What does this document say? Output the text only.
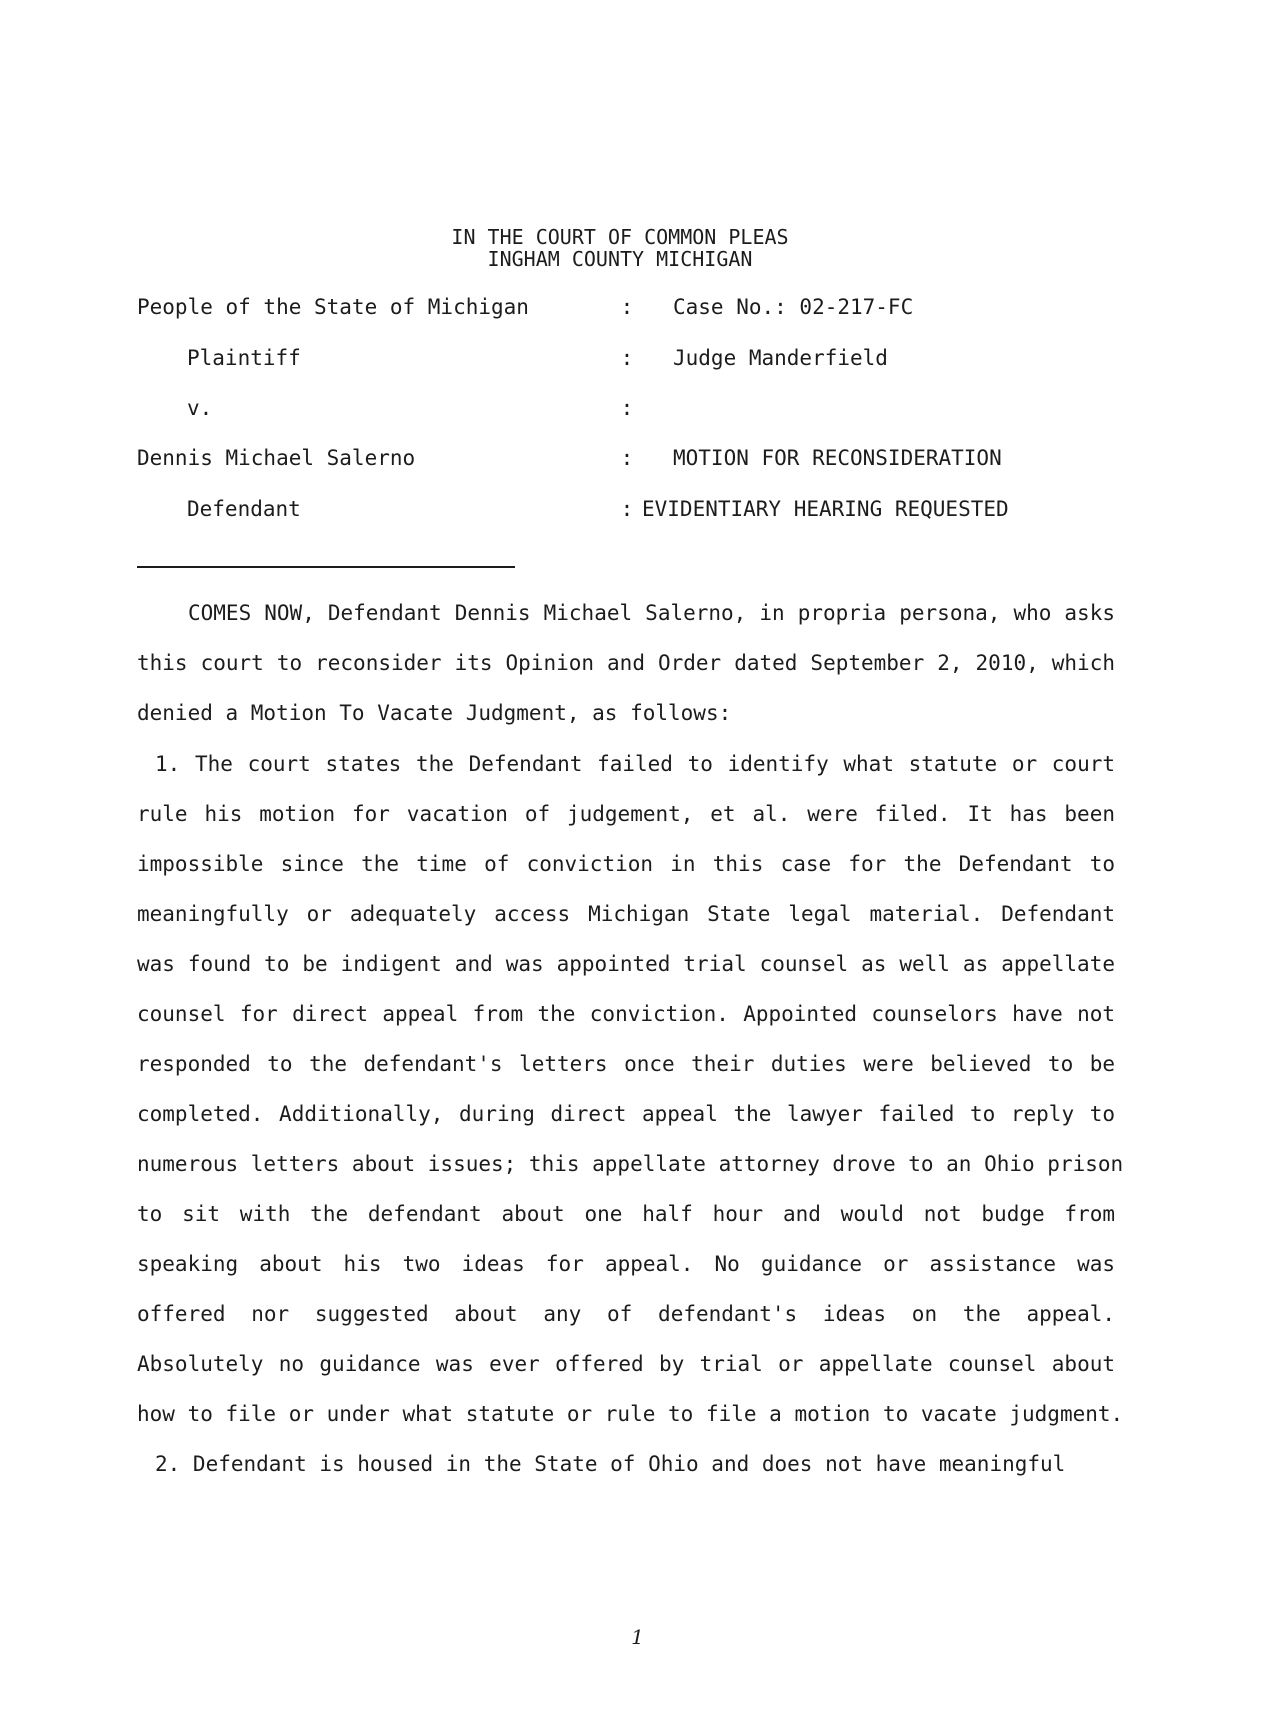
IN THE COURT OF COMMON PLEAS
INGHAM COUNTY MICHIGAN
People of the State of Michigan	: Case No.: 02-217-FC
Plaintiff	: Judge Manderfield
v.	:
Dennis Michael Salerno	: MOTION FOR RECONSIDERATION
Defendant	: EVIDENTIARY HEARING REQUESTED
COMES NOW, Defendant Dennis Michael Salerno, in propria persona, who asks
this court to reconsider its Opinion and Order dated September 2, 2010, which
denied a Motion To Vacate Judgment, as follows:
1. The court states the Defendant failed to identify what statute or court
rule his motion for vacation of judgement, et al. were filed. It has been
impossible since the time of conviction in this case for the Defendant to
meaningfully or adequately access Michigan State legal material. Defendant
was found to be indigent and was appointed trial counsel as well as appellate
counsel for direct appeal from the conviction. Appointed counselors have not
responded to the defendant's letters once their duties were believed to be
completed. Additionally, during direct appeal the lawyer failed to reply to
numerous letters about issues; this appellate attorney drove to an Ohio prison
to sit with the defendant about one half hour and would not budge from
speaking about his two ideas for appeal. No guidance or assistance was
offered nor suggested about any of defendant's ideas on the appeal.
Absolutely no guidance was ever offered by trial or appellate counsel about
how to file or under what statute or rule to file a motion to vacate judgment.
2. Defendant is housed in the State of Ohio and does not have meaningful
1
